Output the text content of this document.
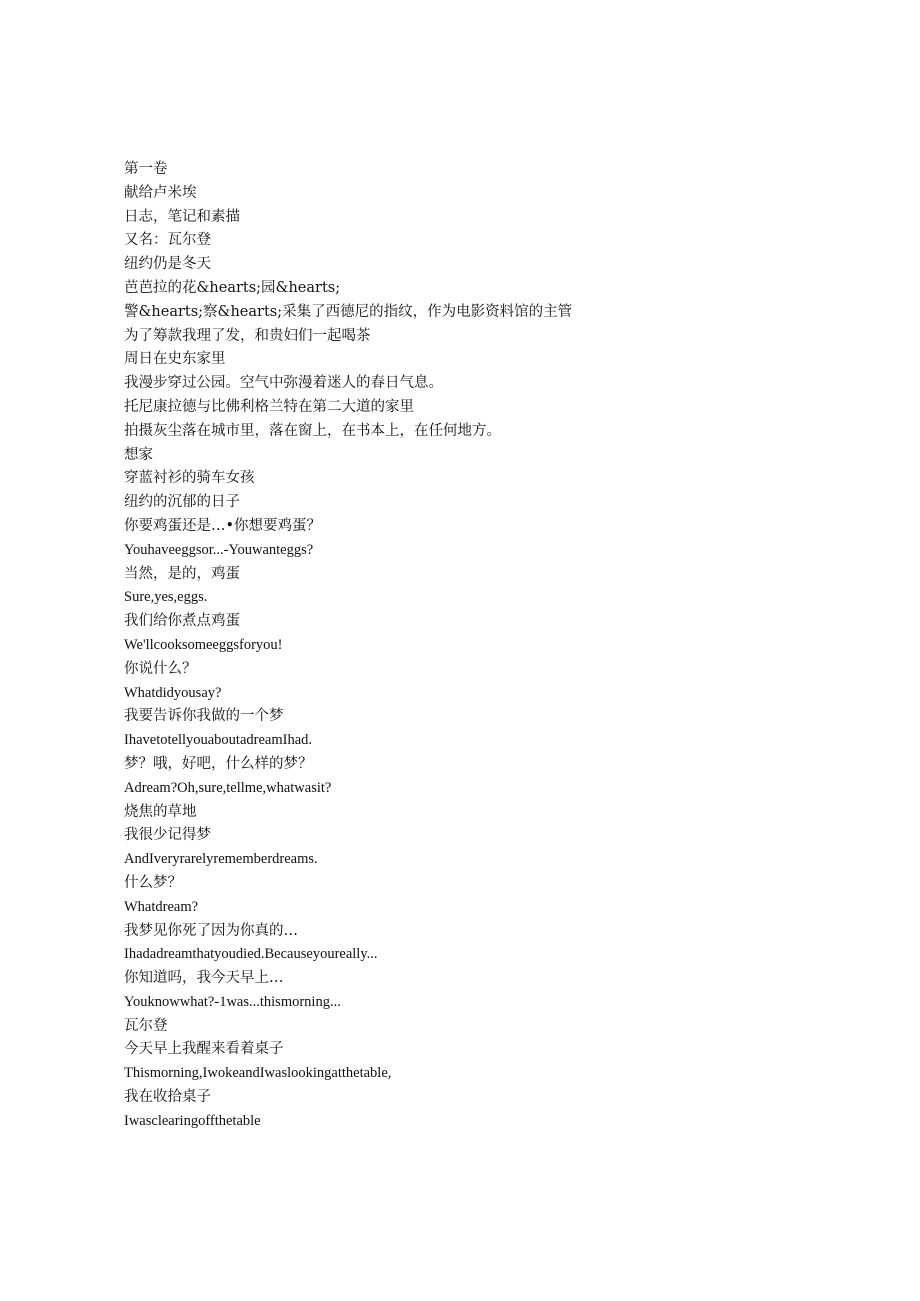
第一卷
献给卢米埃
日志，笔记和素描
又名：瓦尔登
纽约仍是冬天
芭芭拉的花&hearts;园&hearts;
警&hearts;察&hearts;采集了西德尼的指纹，作为电影资料馆的主管
为了筹款我理了发，和贵妇们一起喝茶
周日在史东家里
我漫步穿过公园。空气中弥漫着迷人的春日气息。
托尼康拉德与比佛利格兰特在第二大道的家里
拍摄灰尘落在城市里，落在窗上，在书本上，在任何地方。
想家
穿蓝衬衫的骑车女孩
纽约的沉郁的日子
你要鸡蛋还是…•你想要鸡蛋？
Youhaveeggsor...-Youwanteggs?
当然，是的，鸡蛋
Sure,yes,eggs.
我们给你煮点鸡蛋
We'llcooksomeeggsforyou!
你说什么？
Whatdidyousay?
我要告诉你我做的一个梦
IhavetotellyouaboutadreamIhad.
梦？哦，好吧，什么样的梦？
Adream?Oh,sure,tellme,whatwasit?
烧焦的草地
我很少记得梦
AndIveryrarelyrememberdreams.
什么梦？
Whatdream?
我梦见你死了因为你真的…
Ihadadreamthatyoudied.Becauseyoureally...
你知道吗，我今天早上…
Youknowwhat?-1was...thismorning...
瓦尔登
今天早上我醒来看着桌子
Thismorning,IwokeandIwaslookingatthetable,
我在收拾桌子
Iwasclearingoffthetable
